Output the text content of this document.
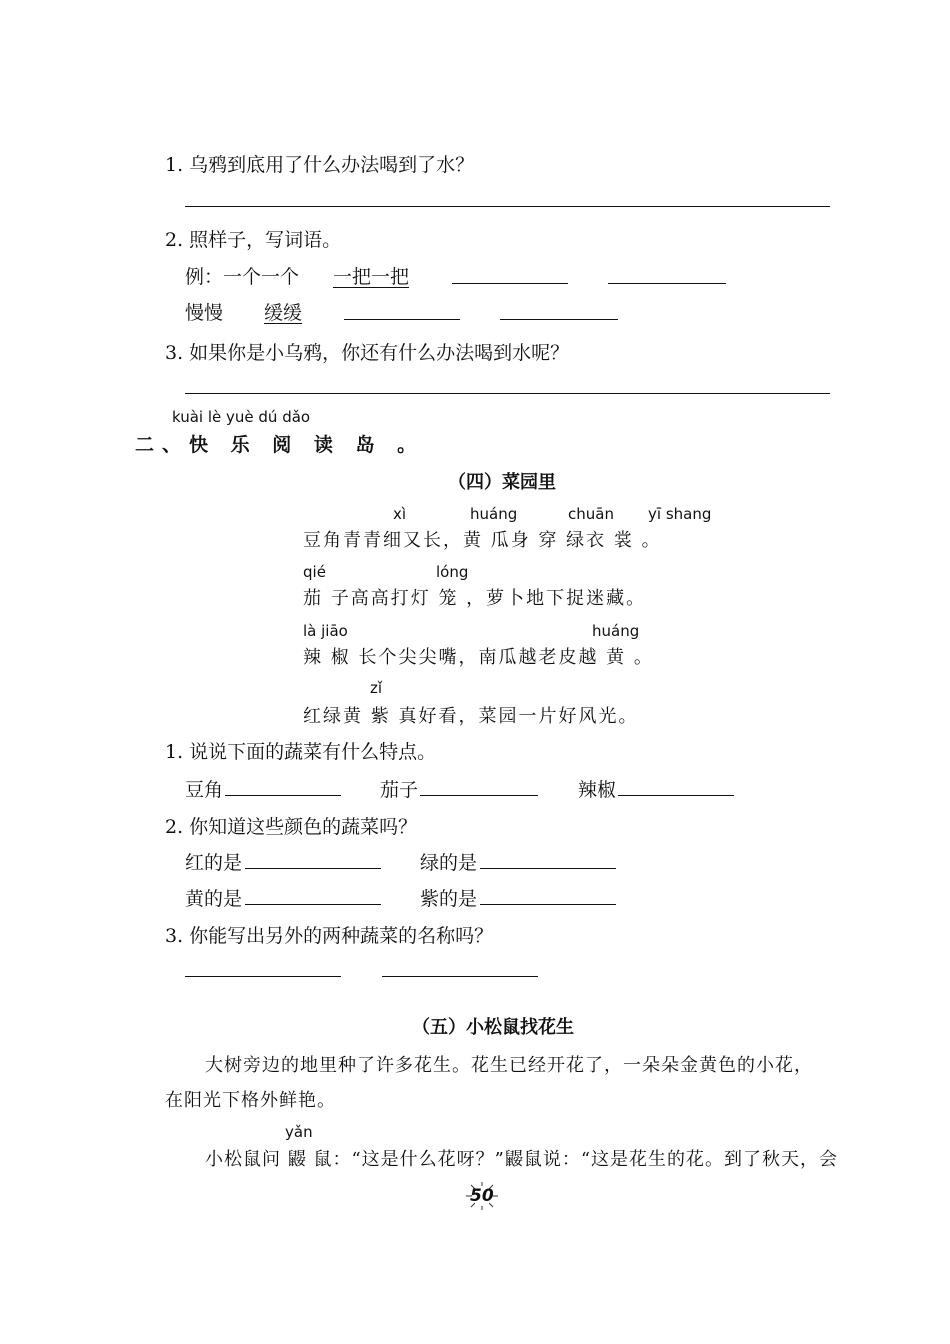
1. 乌鸦到底用了什么办法喝到了水？
2. 照样子，写词语。
例：一个一个 一把一把
慢慢 缓缓
3. 如果你是小乌鸦，你还有什么办法喝到水呢？
kuài lè yuè dú dǎo
二、快 乐 阅 读 岛 。
（四）菜园里
xì	huáng	chuān yī shang
豆角青青细又长，黄 瓜身 穿 绿衣 裳 。
qié	lóng
茄 子高高打灯 笼 ，萝卜地下捉迷藏。
là jiāo	huáng
辣 椒 长个尖尖嘴，南瓜越老皮越 黄 。
zǐ
红绿黄 紫 真好看，菜园一片好风光。
1. 说说下面的蔬菜有什么特点。
豆角	茄子	辣椒
2. 你知道这些颜色的蔬菜吗？
红的是	绿的是
黄的是	紫的是
3. 你能写出另外的两种蔬菜的名称吗？
（五）小松鼠找花生
大树旁边的地里种了许多花生。花生已经开花了，一朵朵金黄色的小花，
在阳光下格外鲜艳。
yǎn
小松鼠问 鼹 鼠：“这是什么花呀？”鼹鼠说：“这是花生的花。到了秋天，会
50
